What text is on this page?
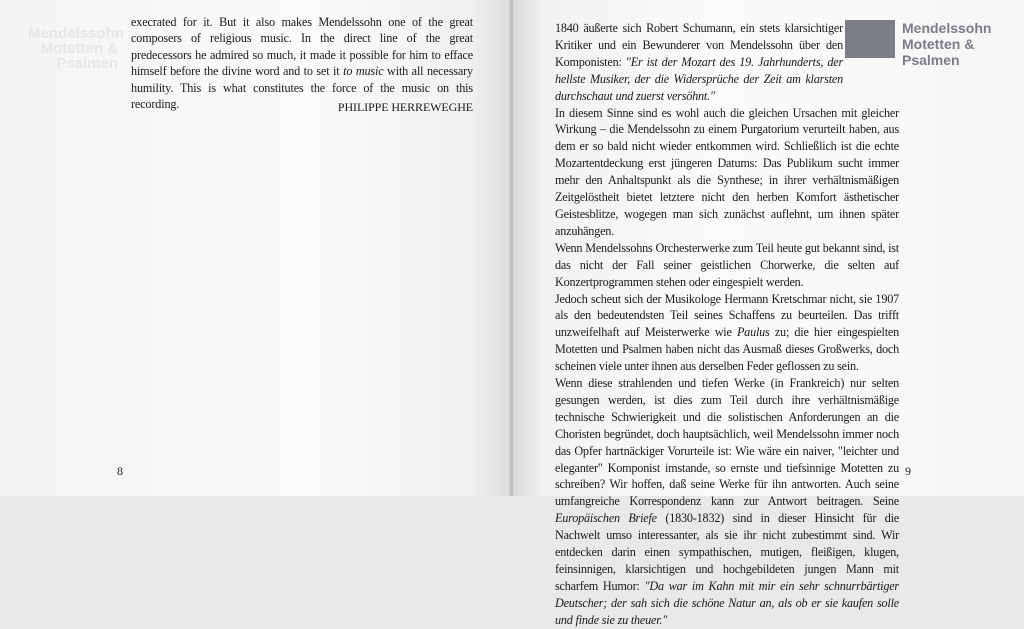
Mendelssohn Motetten & Psalmen

execrated for it. But it also makes Mendelssohn one of the great composers of religious music. In the direct line of the great predecessors he admired so much, it made it possible for him to efface himself before the divine word and to set it to music with all necessary humility. This is what constitutes the force of the music on this recording.	PHILIPPE HERREWEGHE
8
Mendelssohn
Motetten &
Psalmen

1840 äußerte sich Robert Schumann, ein stets klarsichtiger Kritiker und ein Bewunderer von Mendelssohn über den Komponisten: "Er ist der Mozart des 19. Jahrhunderts, der hellste Musiker, der die Widersprüche der Zeit am klarsten durchschaut und zuerst versöhnt."

In diesem Sinne sind es wohl auch die gleichen Ursachen mit gleicher Wirkung – die Mendelssohn zu einem Purgatorium verurteilt haben, aus dem er so bald nicht wieder entkommen wird. Schließlich ist die echte Mozartentdeckung erst jüngeren Datums: Das Publikum sucht immer mehr den Anhaltspunkt als die Synthese; in ihrer verhältnismäßigen Zeitgelöstheit bietet letztere nicht den herben Komfort ästhetischer Geistesblitze, wogegen man sich zunächst auflehnt, um ihnen später anzuhängen.

Wenn Mendelssohns Orchesterwerke zum Teil heute gut bekannt sind, ist das nicht der Fall seiner geistlichen Chorwerke, die selten auf Konzertprogrammen stehen oder eingespielt werden.

Jedoch scheut sich der Musikologe Hermann Kretschmar nicht, sie 1907 als den bedeutendsten Teil seines Schaffens zu beurteilen. Das trifft unzweifelhaft auf Meisterwerke wie Paulus zu; die hier eingespielten Motetten und Psalmen haben nicht das Ausmaß dieses Großwerks, doch scheinen viele unter ihnen aus derselben Feder geflossen zu sein.

Wenn diese strahlenden und tiefen Werke (in Frankreich) nur selten gesungen werden, ist dies zum Teil durch ihre verhältnismäßige technische Schwierigkeit und die solistischen Anforderungen an die Choristen begründet, doch hauptsächlich, weil Mendelssohn immer noch das Opfer hartnäckiger Vorurteile ist: Wie wäre ein naiver, "leichter und eleganter" Komponist imstande, so ernste und tiefsinnige Motetten zu schreiben? Wir hoffen, daß seine Werke für ihn antworten. Auch seine umfangreiche Korrespondenz kann zur Antwort beitragen. Seine Europäischen Briefe (1830-1832) sind in dieser Hinsicht für die Nachwelt umso interessanter, als sie ihr nicht zubestimmt sind. Wir entdecken darin einen sympathischen, mutigen, fleißigen, klugen, feinsinnigen, klarsichtigen und hochgebildeten jungen Mann mit scharfem Humor: "Da war im Kahn mit mir ein sehr schnurrbärtiger Deutscher; der sah sich die schöne Natur an, als ob er sie kaufen solle und finde sie zu theuer."

9
